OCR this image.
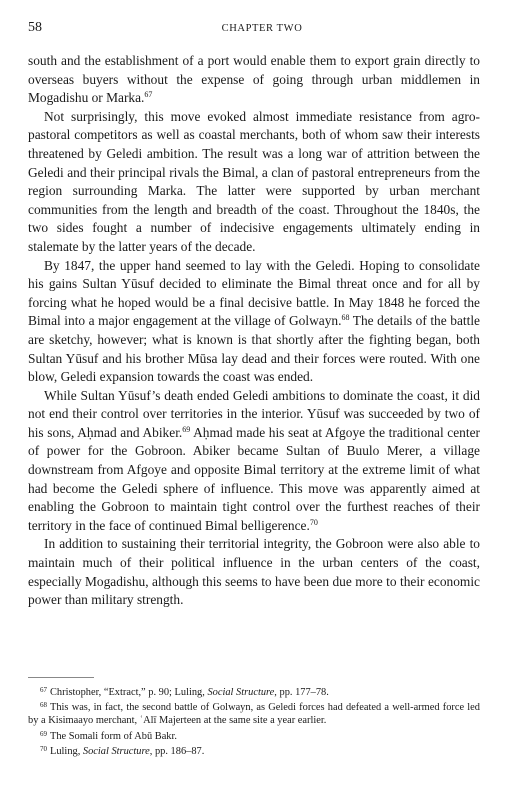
58	CHAPTER TWO

south and the establishment of a port would enable them to export grain directly to overseas buyers without the expense of going through urban middlemen in Mogadishu or Marka.$^{67}$

Not surprisingly, this move evoked almost immediate resistance from agro-pastoral competitors as well as coastal merchants, both of whom saw their interests threatened by Geledi ambition. The result was a long war of attrition between the Geledi and their principal rivals the Bimal, a clan of pastoral entrepreneurs from the region surrounding Marka. The latter were supported by urban merchant communities from the length and breadth of the coast. Throughout the 1840s, the two sides fought a number of indecisive engagements ultimately ending in stalemate by the latter years of the decade.

By 1847, the upper hand seemed to lay with the Geledi. Hoping to consolidate his gains Sultan Yūsuf decided to eliminate the Bimal threat once and for all by forcing what he hoped would be a final decisive battle. In May 1848 he forced the Bimal into a major engagement at the village of Golwayn.$^{68}$ The details of the battle are sketchy, however; what is known is that shortly after the fighting began, both Sultan Yūsuf and his brother Mūsa lay dead and their forces were routed. With one blow, Geledi expansion towards the coast was ended.

While Sultan Yūsuf’s death ended Geledi ambitions to dominate the coast, it did not end their control over territories in the interior. Yūsuf was succeeded by two of his sons, Aḥmad and Abiker.$^{69}$ Aḥmad made his seat at Afgoye the traditional center of power for the Gobroon. Abiker became Sultan of Buulo Merer, a village downstream from Afgoye and opposite Bimal territory at the extreme limit of what had become the Geledi sphere of influence. This move was apparently aimed at enabling the Gobroon to maintain tight control over the furthest reaches of their territory in the face of continued Bimal belligerence.$^{70}$

In addition to sustaining their territorial integrity, the Gobroon were also able to maintain much of their political influence in the urban centers of the coast, especially Mogadishu, although this seems to have been due more to their economic power than military strength.

$^{67}$ Christopher, “Extract,” p. 90; Luling, Social Structure, pp. 177–78.

$^{68}$ This was, in fact, the second battle of Golwayn, as Geledi forces had defeated a well-armed force led by a Kisimaayo merchant, ʿAlī Majerteen at the same site a year earlier.

$^{69}$ The Somali form of Abū Bakr.

$^{70}$ Luling, Social Structure, pp. 186–87.
